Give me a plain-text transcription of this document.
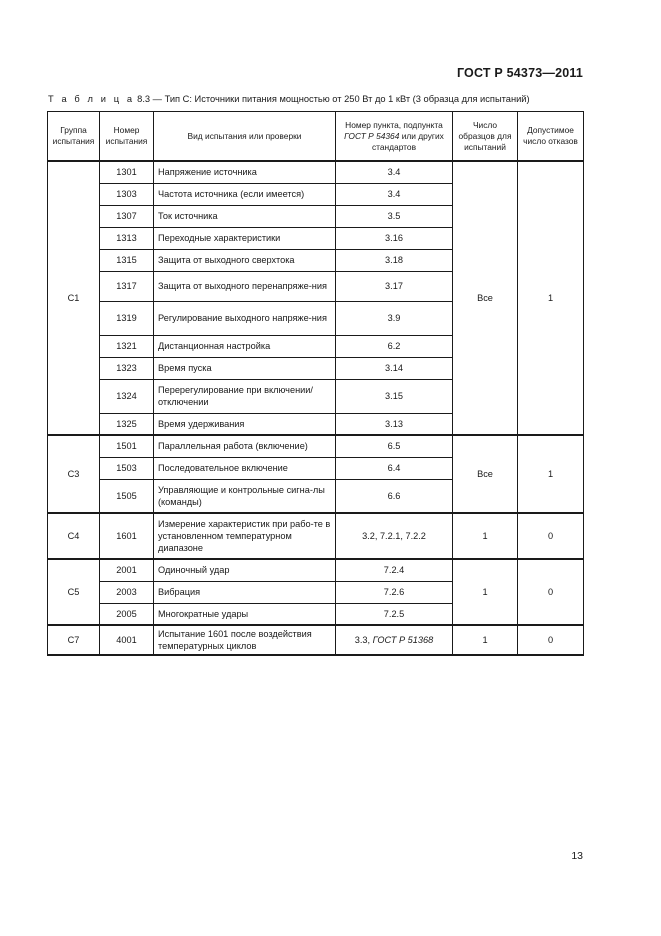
ГОСТ Р 54373—2011
Т а б л и ц а 8.3 — Тип С: Источники питания мощностью от 250 Вт до 1 кВт (3 образца для испытаний)
Группа испытания	Номер испытания	Вид испытания или проверки	Номер пункта, подпункта
ГОСТ Р 54364 или других стандартов	Число образцов для испытаний	Допустимое число отказов
С1	1301	Напряжение источника	3.4	Все	1
	1303	Частота источника (если имеется)	3.4		
	1307	Ток источника	3.5		
	1313	Переходные характеристики	3.16		
	1315	Защита от выходного сверхтока	3.18		
	1317	Защита от выходного перенапряже-ния	3.17		
	1319	Регулирование выходного напряже-ния	3.9		
	1321	Дистанционная настройка	6.2		
	1323	Время пуска	3.14		
	1324	Перерегулирование при включении/отключении	3.15		
	1325	Время удерживания	3.13		
С3	1501	Параллельная работа (включение)	6.5	Все	1
	1503	Последовательное включение	6.4		
	1505	Управляющие и контрольные сигна-лы (команды)	6.6		
С4	1601	Измерение характеристик при рабо-те в установленном температурном диапазоне	3.2, 7.2.1, 7.2.2	1	0
С5	2001	Одиночный удар	7.2.4	1	0
	2003	Вибрация	7.2.6		
	2005	Многократные удары	7.2.5		
С7	4001	Испытание 1601 после воздействия температурных циклов	3.3, ГОСТ Р 51368	1	0
13
